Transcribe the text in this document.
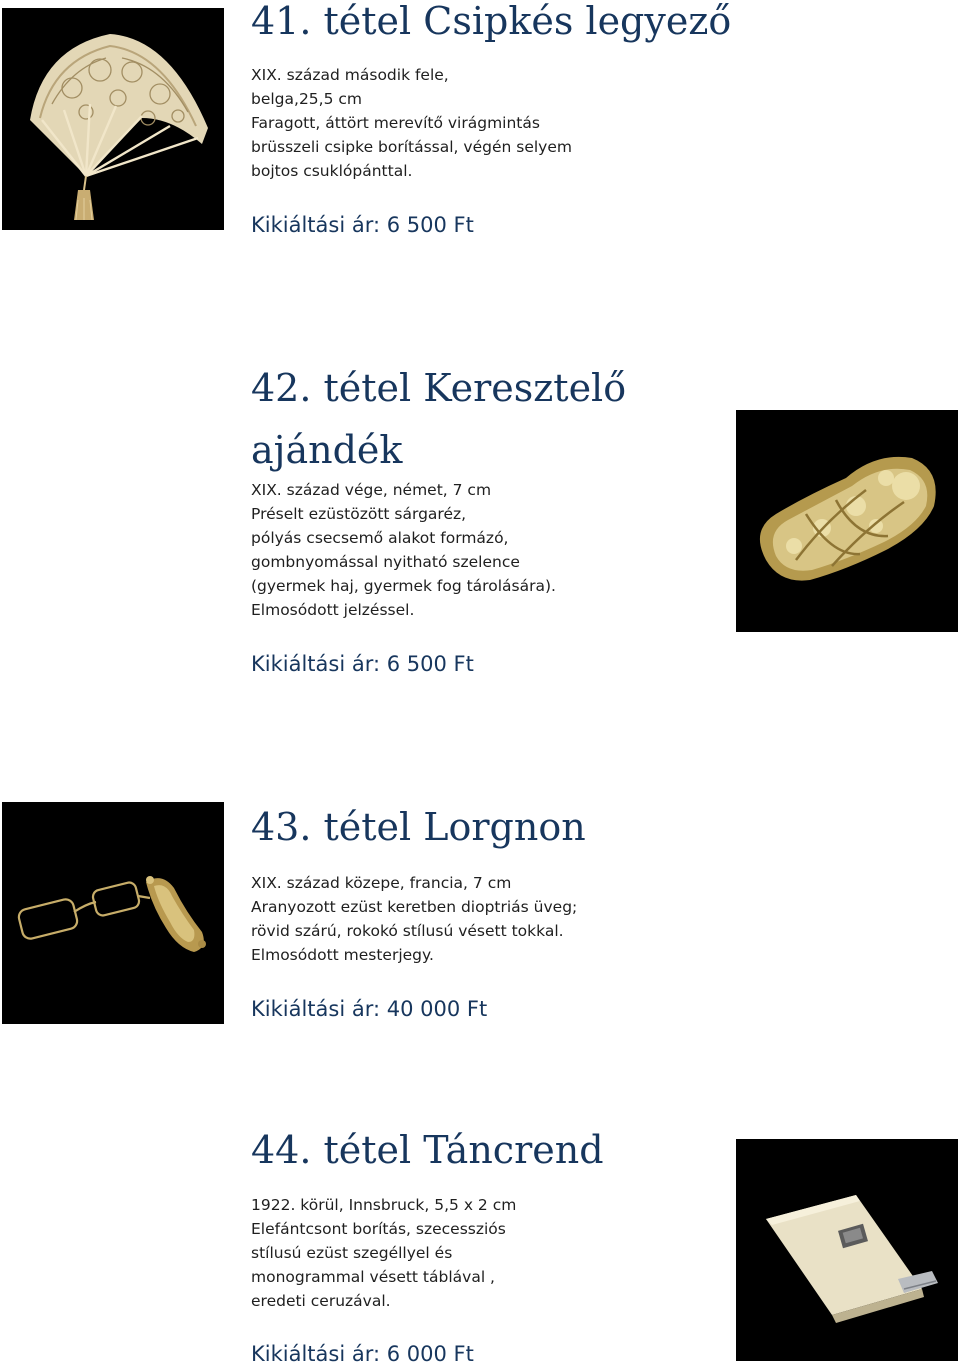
41. tétel Csipkés legyező
XIX. század második fele,
belga,25,5 cm
Faragott, áttört merevítő virágmintás
brüsszeli csipke borítással, végén selyem
bojtos csuklópánttal.
Kikiáltási ár: 6 500 Ft
42. tétel Keresztelő
ajándék
XIX. század vége, német, 7 cm
Préselt ezüstözött sárgaréz,
pólyás csecsemő alakot formázó,
gombnyomással nyitható szelence
(gyermek haj, gyermek fog tárolására).
Elmosódott jelzéssel.
Kikiáltási ár: 6 500 Ft
43. tétel Lorgnon
XIX. század közepe, francia, 7 cm
Aranyozott ezüst keretben dioptriás üveg;
rövid szárú, rokokó stílusú vésett tokkal.
Elmosódott mesterjegy.
Kikiáltási ár: 40 000 Ft
44. tétel Táncrend
1922. körül, Innsbruck, 5,5 x 2 cm
Elefántcsont borítás, szecessziós
stílusú ezüst szegéllyel és
monogrammal vésett táblával ,
eredeti ceruzával.
Kikiáltási ár: 6 000 Ft
